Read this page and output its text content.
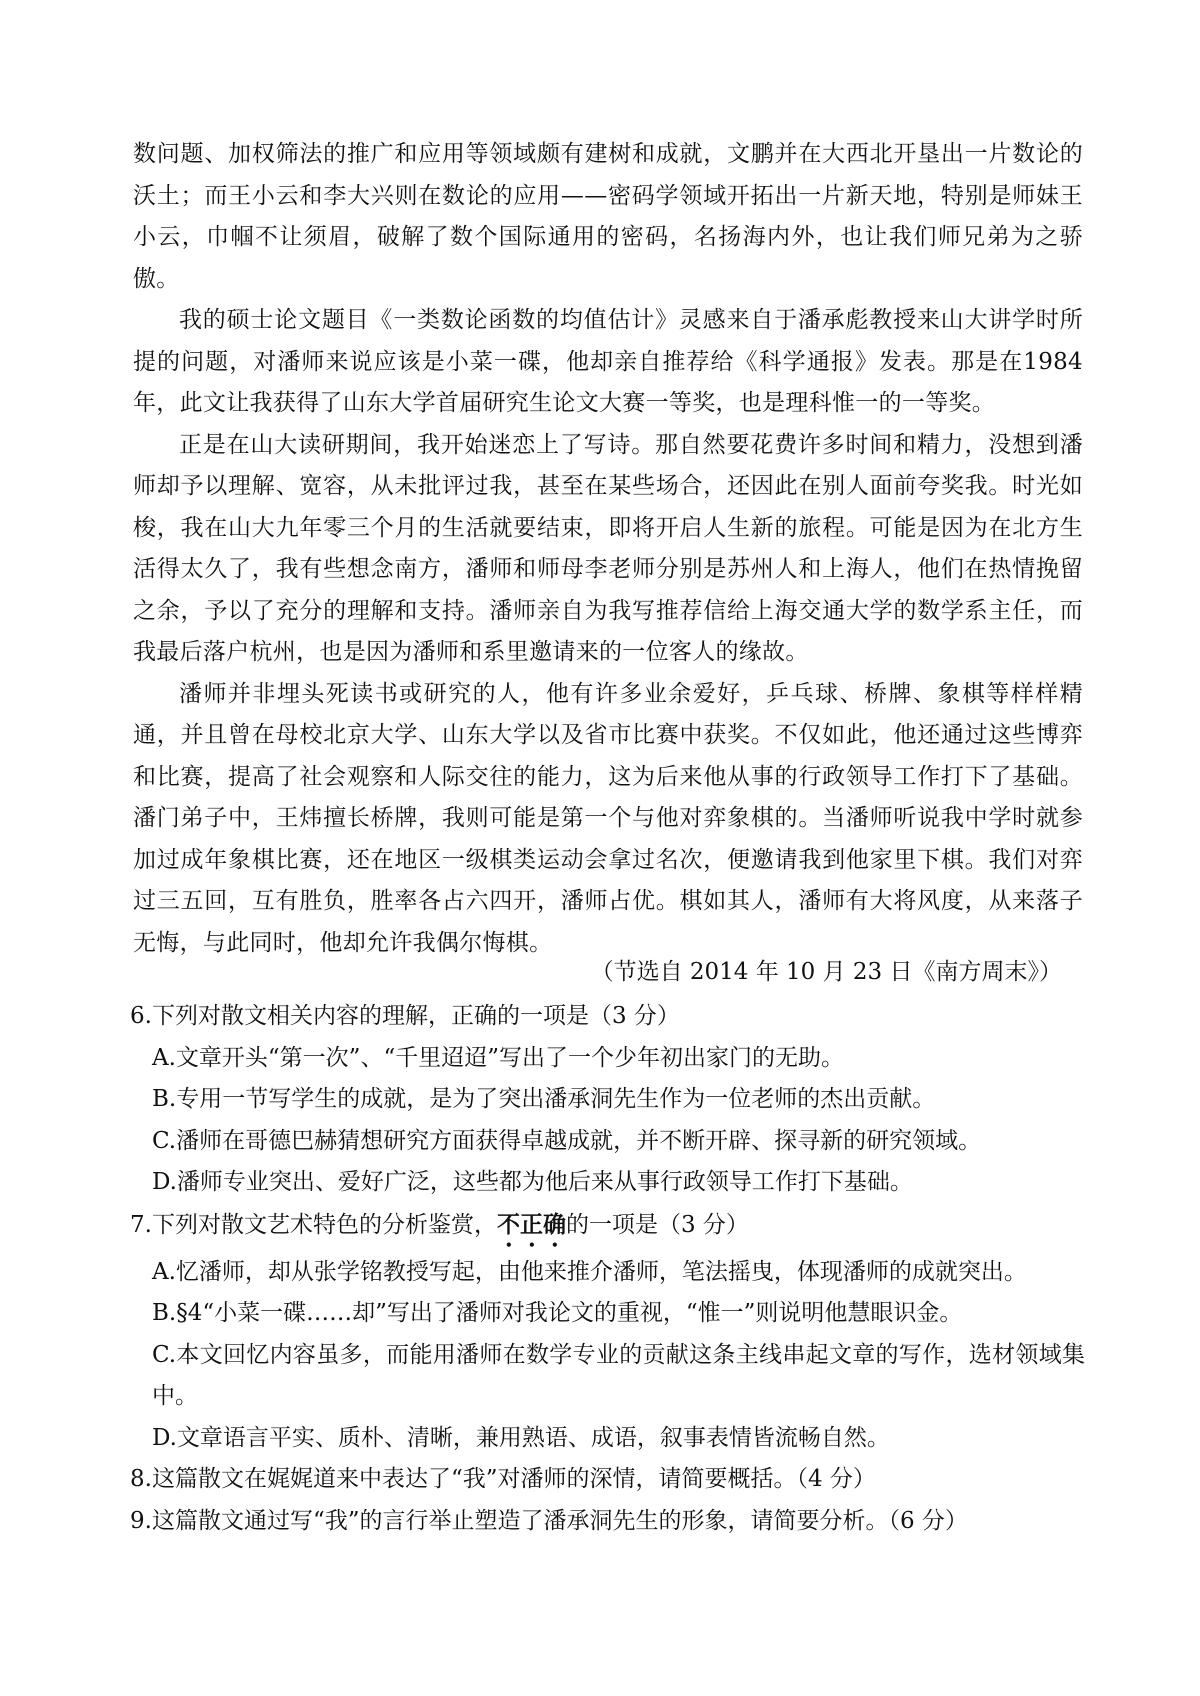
数问题、加权筛法的推广和应用等领域颇有建树和成就，文鹏并在大西北开垦出一片数论的沃土；而王小云和李大兴则在数论的应用——密码学领域开拓出一片新天地，特别是师妹王小云，巾帼不让须眉，破解了数个国际通用的密码，名扬海内外，也让我们师兄弟为之骄傲。

我的硕士论文题目《一类数论函数的均值估计》灵感来自于潘承彪教授来山大讲学时所提的问题，对潘师来说应该是小菜一碟，他却亲自推荐给《科学通报》发表。那是在1984年，此文让我获得了山东大学首届研究生论文大赛一等奖，也是理科惟一的一等奖。

正是在山大读研期间，我开始迷恋上了写诗。那自然要花费许多时间和精力，没想到潘师却予以理解、宽容，从未批评过我，甚至在某些场合，还因此在别人面前夸奖我。时光如梭，我在山大九年零三个月的生活就要结束，即将开启人生新的旅程。可能是因为在北方生活得太久了，我有些想念南方，潘师和师母李老师分别是苏州人和上海人，他们在热情挽留之余，予以了充分的理解和支持。潘师亲自为我写推荐信给上海交通大学的数学系主任，而我最后落户杭州，也是因为潘师和系里邀请来的一位客人的缘故。

潘师并非埋头死读书或研究的人，他有许多业余爱好，乒乓球、桥牌、象棋等样样精通，并且曾在母校北京大学、山东大学以及省市比赛中获奖。不仅如此，他还通过这些博弈和比赛，提高了社会观察和人际交往的能力，这为后来他从事的行政领导工作打下了基础。潘门弟子中，王炜擅长桥牌，我则可能是第一个与他对弈象棋的。当潘师听说我中学时就参加过成年象棋比赛，还在地区一级棋类运动会拿过名次，便邀请我到他家里下棋。我们对弈过三五回，互有胜负，胜率各占六四开，潘师占优。棋如其人，潘师有大将风度，从来落子无悔，与此同时，他却允许我偶尔悔棋。

（节选自 2014 年 10 月 23 日《南方周末》）

6.下列对散文相关内容的理解，正确的一项是（3 分）

A.文章开头“第一次”、“千里迢迢”写出了一个少年初出家门的无助。

B.专用一节写学生的成就，是为了突出潘承洞先生作为一位老师的杰出贡献。

C.潘师在哥德巴赫猜想研究方面获得卓越成就，并不断开辟、探寻新的研究领域。

D.潘师专业突出、爱好广泛，这些都为他后来从事行政领导工作打下基础。

7.下列对散文艺术特色的分析鉴赏，不正确的一项是（3 分）

A.忆潘师，却从张学铭教授写起，由他来推介潘师，笔法摇曳，体现潘师的成就突出。

B.§4“小菜一碟……却”写出了潘师对我论文的重视，“惟一”则说明他慧眼识金。

C.本文回忆内容虽多，而能用潘师在数学专业的贡献这条主线串起文章的写作，选材领域集中。

D.文章语言平实、质朴、清晰，兼用熟语、成语，叙事表情皆流畅自然。

8.这篇散文在娓娓道来中表达了“我”对潘师的深情，请简要概括。（4 分）

9.这篇散文通过写“我”的言行举止塑造了潘承洞先生的形象，请简要分析。（6 分）
